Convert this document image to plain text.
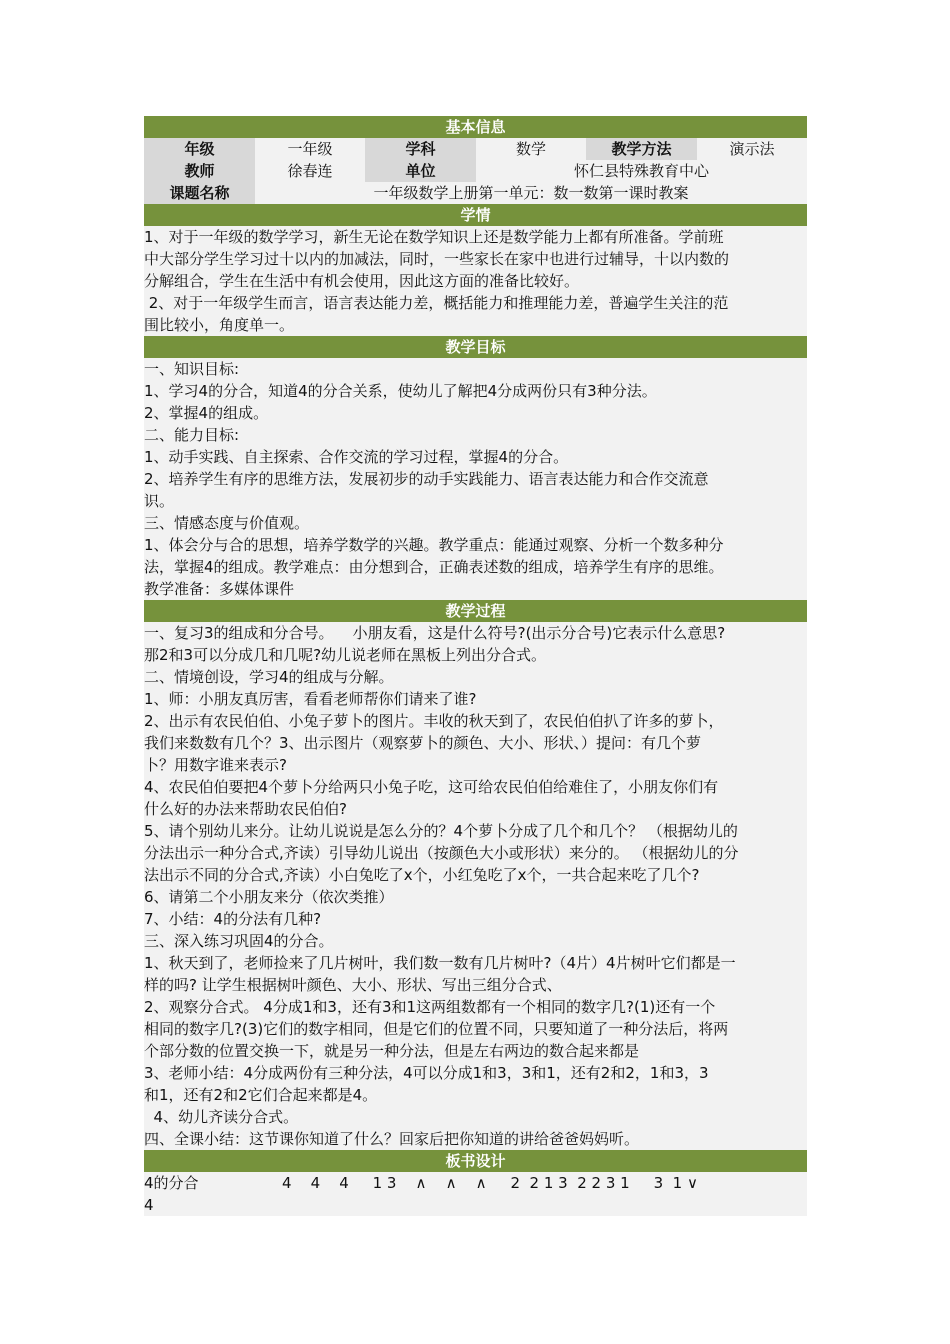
基本信息
年级	一年级	学科	数学	教学方法	演示法
教师	徐春连	单位	怀仁县特殊教育中心
课题名称	一年级数学上册第一单元：数一数第一课时教案
学情
1、对于一年级的数学学习，新生无论在数学知识上还是数学能力上都有所准备。学前班
中大部分学生学习过十以内的加减法，同时，一些家长在家中也进行过辅导，十以内数的
分解组合，学生在生活中有机会使用，因此这方面的准备比较好。
2、对于一年级学生而言，语言表达能力差，概括能力和推理能力差，普遍学生关注的范
围比较小，角度单一。
教学目标
一、知识目标:
1、学习4的分合，知道4的分合关系，使幼儿了解把4分成两份只有3种分法。
2、掌握4的组成。
二、能力目标:
1、动手实践、自主探索、合作交流的学习过程，掌握4的分合。
2、培养学生有序的思维方法，发展初步的动手实践能力、语言表达能力和合作交流意
识。
三、情感态度与价值观。
1、体会分与合的思想，培养学数学的兴趣。教学重点：能通过观察、分析一个数多种分
法，掌握4的组成。教学难点：由分想到合，正确表述数的组成，培养学生有序的思维。
教学准备：多媒体课件
教学过程
一、复习3的组成和分合号。    小朋友看，这是什么符号?(出示分合号)它表示什么意思?
那2和3可以分成几和几呢?幼儿说老师在黑板上列出分合式。
二、情境创设，学习4的组成与分解。
1、师：小朋友真厉害，看看老师帮你们请来了谁?
2、出示有农民伯伯、小兔子萝卜的图片。丰收的秋天到了，农民伯伯扒了许多的萝卜，
我们来数数有几个？3、出示图片（观察萝卜的颜色、大小、形状、）提问：有几个萝
卜？用数字谁来表示?
4、农民伯伯要把4个萝卜分给两只小兔子吃，这可给农民伯伯给难住了，小朋友你们有
什么好的办法来帮助农民伯伯?
5、请个别幼儿来分。让幼儿说说是怎么分的？4个萝卜分成了几个和几个？ （根据幼儿的
分法出示一种分合式,齐读）引导幼儿说出（按颜色大小或形状）来分的。 （根据幼儿的分
法出示不同的分合式,齐读）小白兔吃了x个，小红兔吃了x个，一共合起来吃了几个?
6、请第二个小朋友来分（依次类推）
7、小结：4的分法有几种?
三、深入练习巩固4的分合。
1、秋天到了，老师捡来了几片树叶，我们数一数有几片树叶?（4片）4片树叶它们都是一
样的吗? 让学生根据树叶颜色、大小、形状、写出三组分合式、
2、观察分合式。 4分成1和3，还有3和1这两组数都有一个相同的数字几?(1)还有一个
相同的数字几?(3)它们的数字相同，但是它们的位置不同，只要知道了一种分法后，将两
个部分数的位置交换一下，就是另一种分法，但是左右两边的数合起来都是
3、老师小结：4分成两份有三种分法，4可以分成1和3，3和1，还有2和2，1和3，3
和1，还有2和2它们合起来都是4。
4、幼儿齐读分合式。
四、全课小结：这节课你知道了什么？回家后把你知道的讲给爸爸妈妈听。
板书设计
4的分合	4    4    4     1 3    ∧    ∧    ∧     2  2 1 3  2 2 3 1     3  1 ∨
4
